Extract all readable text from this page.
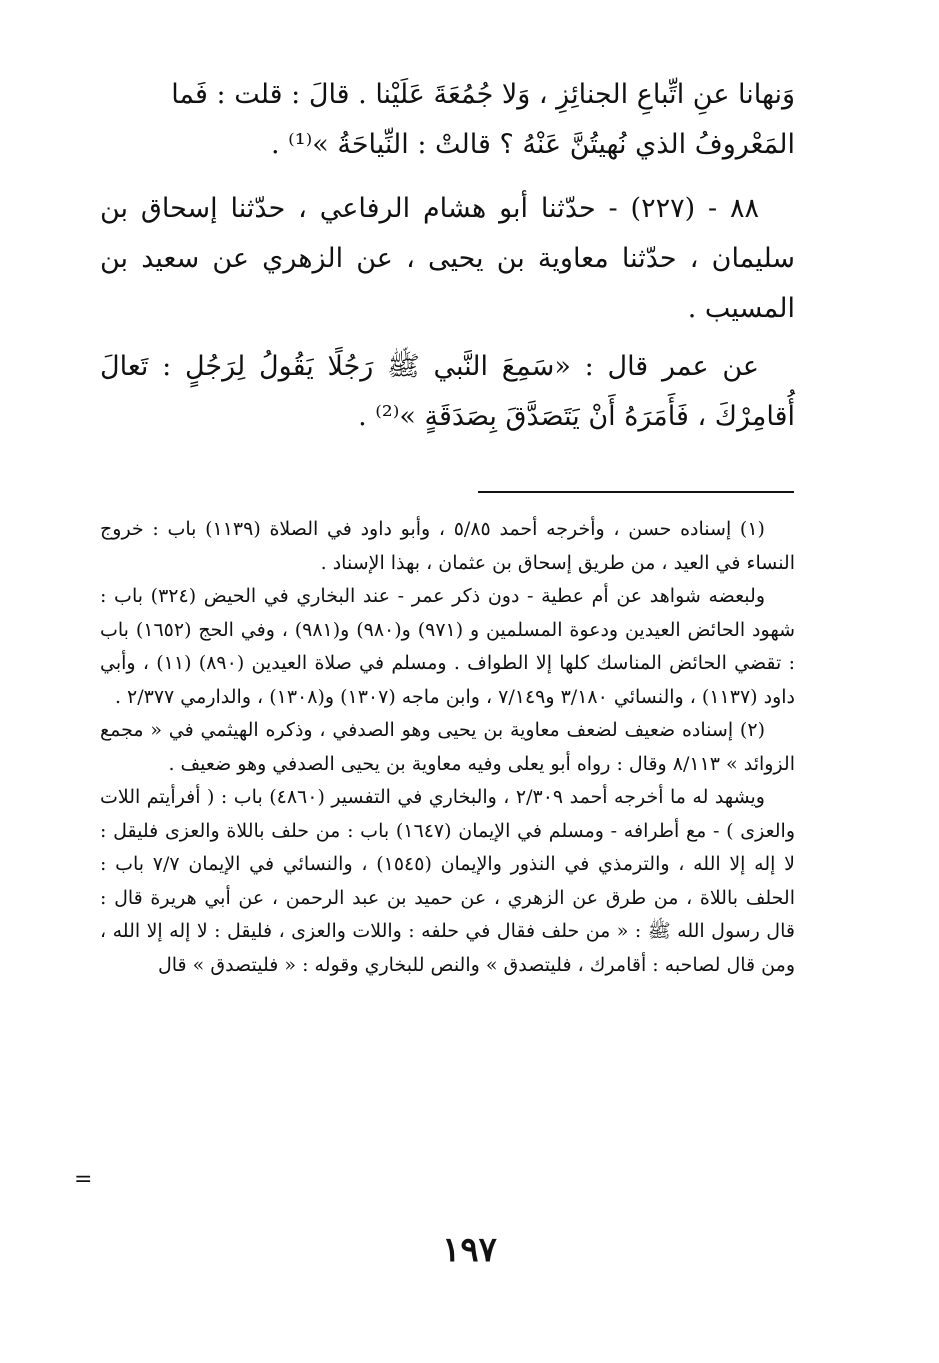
وَنهانا عنِ اتِّباعِ الجنائِزِ ، وَلا جُمُعَةَ عَلَيْنا . قالَ : قلت : فَما

المَعْروفُ الذي نُهيتُنَّ عَنْهُ ؟ قالتْ : النِّياحَةُ »⁽¹⁾ .

٨٨ - (٢٢٧) - حدّثنا أبو هشام الرفاعي ، حدّثنا إسحاق بن سليمان ، حدّثنا معاوية بن يحيى ، عن الزهري عن سعيد بن المسيب .

عن عمر قال : «سَمِعَ النَّبي ﷺ رَجُلًا يَقُولُ لِرَجُلٍ : تَعالَ أُقامِرْكَ ، فَأَمَرَهُ أَنْ يَتَصَدَّقَ بِصَدَقَةٍ »⁽²⁾ .

(١) إسناده حسن ، وأخرجه أحمد ٥/٨٥ ، وأبو داود في الصلاة (١١٣٩) باب : خروج النساء في العيد ، من طريق إسحاق بن عثمان ، بهذا الإسناد .

ولبعضه شواهد عن أم عطية - دون ذكر عمر - عند البخاري في الحيض (٣٢٤) باب : شهود الحائض العيدين ودعوة المسلمين و (٩٧١) و(٩٨٠) و(٩٨١) ، وفي الحج (١٦٥٢) باب : تقضي الحائض المناسك كلها إلا الطواف . ومسلم في صلاة العيدين (٨٩٠) (١١) ، وأبي داود (١١٣٧) ، والنسائي ٣/١٨٠ و٧/١٤٩ ، وابن ماجه (١٣٠٧) و(١٣٠٨) ، والدارمي ٢/٣٧٧ .

(٢) إسناده ضعيف لضعف معاوية بن يحيى وهو الصدفي ، وذكره الهيثمي في « مجمع الزوائد » ٨/١١٣ وقال : رواه أبو يعلى وفيه معاوية بن يحيى الصدفي وهو ضعيف .

ويشهد له ما أخرجه أحمد ٢/٣٠٩ ، والبخاري في التفسير (٤٨٦٠) باب : ( أفرأيتم اللات والعزى ) - مع أطرافه - ومسلم في الإيمان (١٦٤٧) باب : من حلف باللاة والعزى فليقل : لا إله إلا الله ، والترمذي في النذور والإيمان (١٥٤٥) ، والنسائي في الإيمان ٧/٧ باب : الحلف باللاة ، من طرق عن الزهري ، عن حميد بن عبد الرحمن ، عن أبي هريرة قال : قال رسول الله ﷺ : « من حلف فقال في حلفه : واللات والعزى ، فليقل : لا إله إلا الله ، ومن قال لصاحبه : أقامرك ، فليتصدق » والنص للبخاري وقوله : « فليتصدق » قال

=
١٩٧
